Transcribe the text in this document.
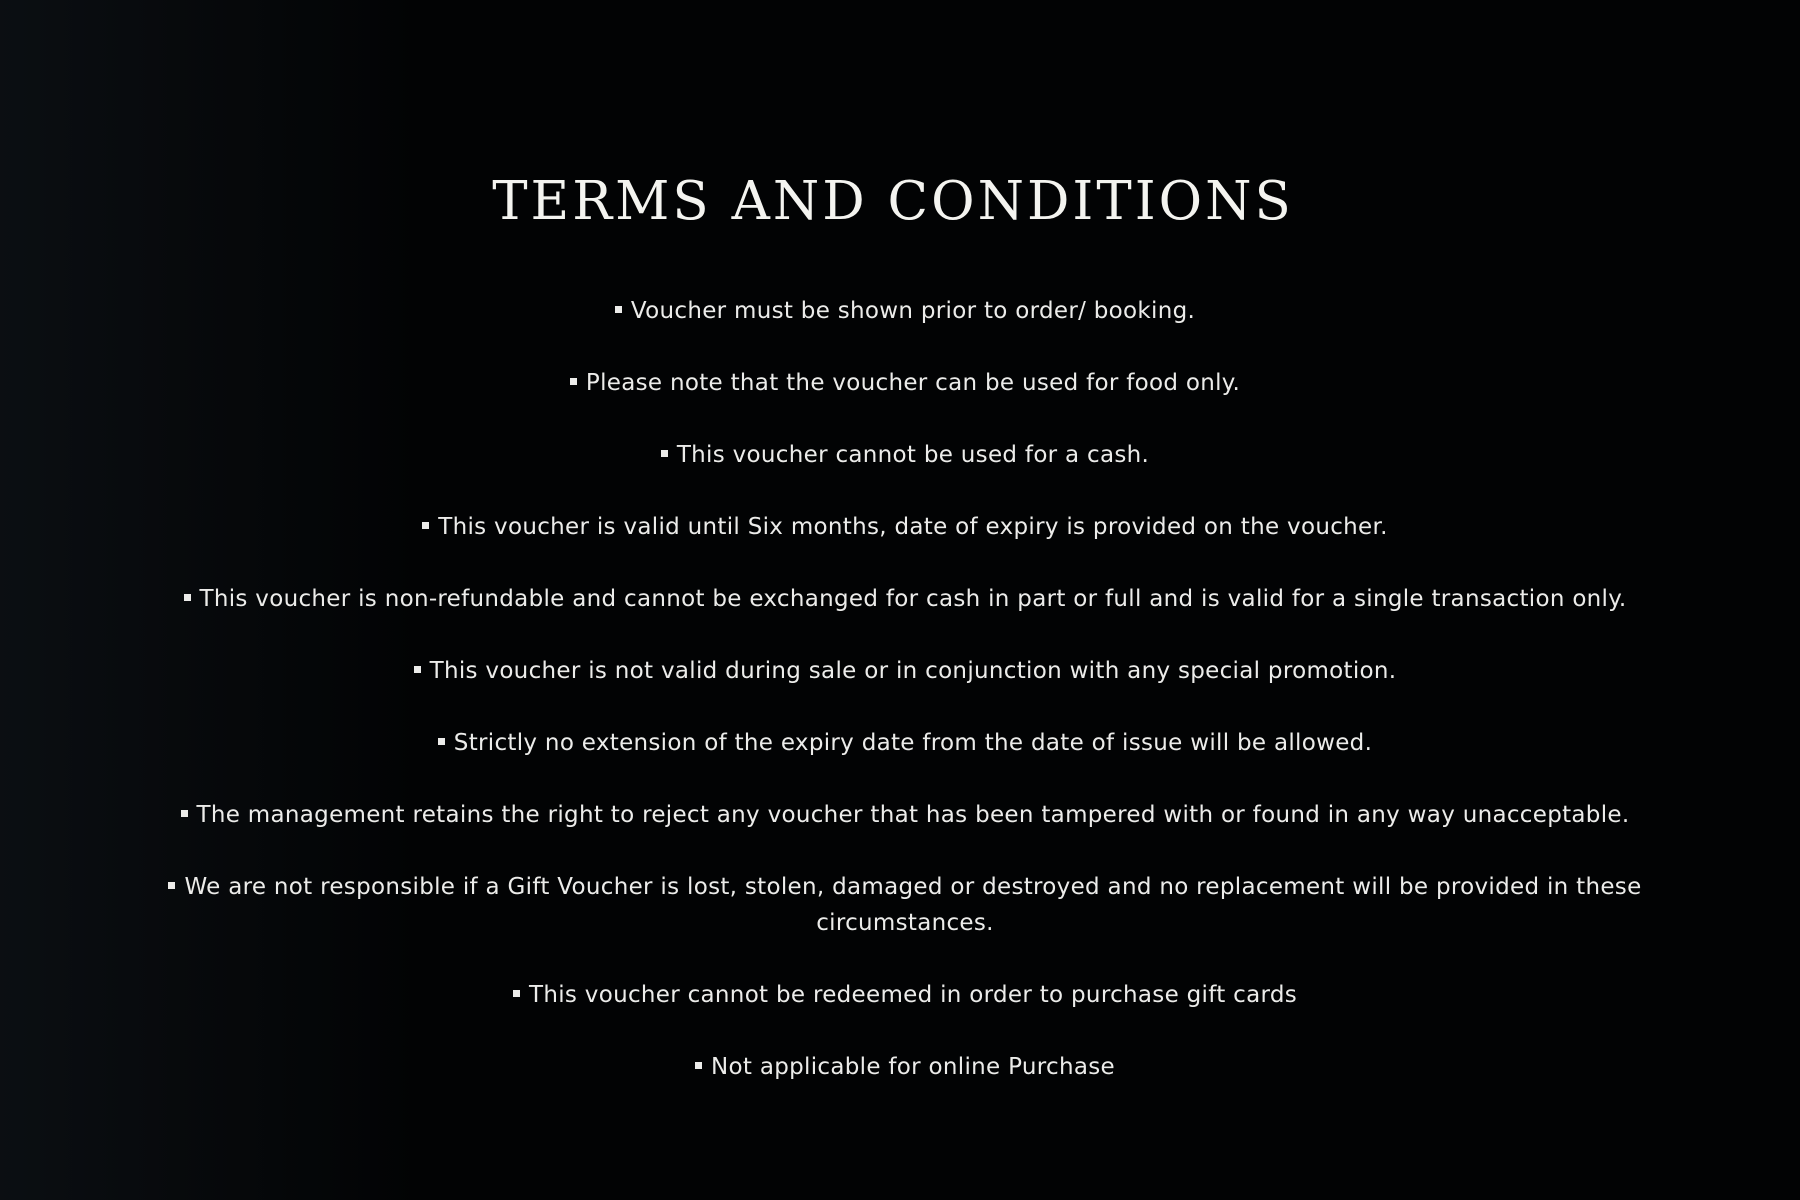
TERMS AND CONDITIONS
Voucher must be shown prior to order/ booking.
Please note that the voucher can be used for food only.
This voucher cannot be used for a cash.
This voucher is valid until Six months, date of expiry is provided on the voucher.
This voucher is non-refundable and cannot be exchanged for cash in part or full and is valid for a single transaction only.
This voucher is not valid during sale or in conjunction with any special promotion.
Strictly no extension of the expiry date from the date of issue will be allowed.
The management retains the right to reject any voucher that has been tampered with or found in any way unacceptable.
We are not responsible if a Gift Voucher is lost, stolen, damaged or destroyed and no replacement will be provided in these circumstances.
This voucher cannot be redeemed in order to purchase gift cards
Not applicable for online Purchase
